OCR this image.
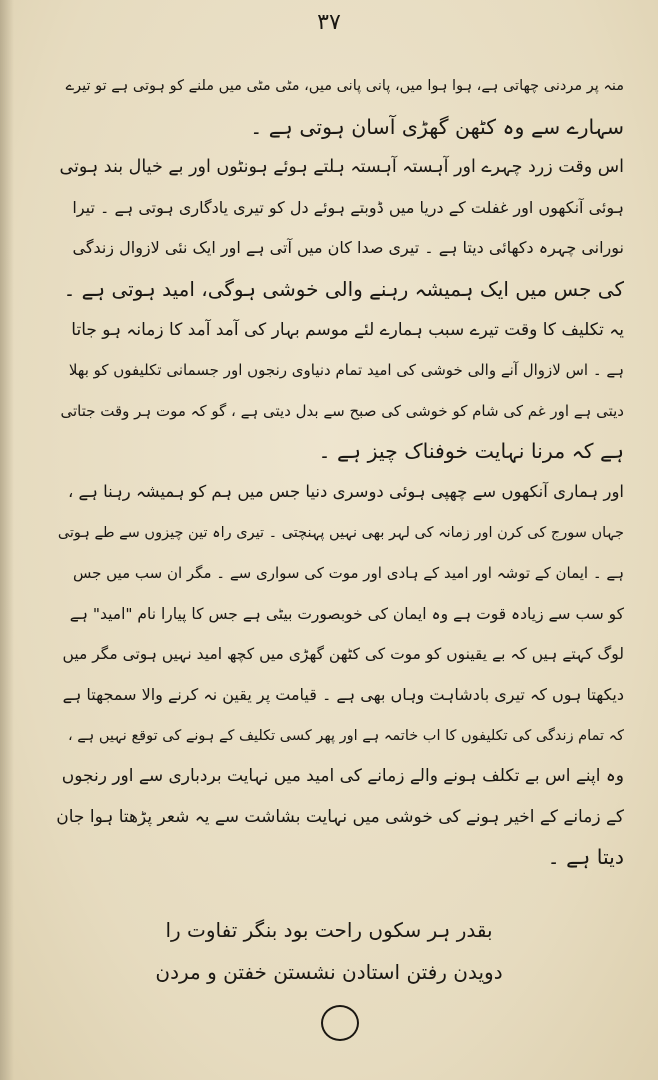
٣٧
منہ پر مردنی چھاتی ہے، ہوا ہوا میں، پانی پانی میں، مٹی مٹی میں ملنے کو ہوتی ہے تو تیرے
سہارے سے وہ کٹھن گھڑی آسان ہوتی ہے ۔
اس وقت زرد چہرے اور آہستہ آہستہ ہلتے ہوئے ہونٹوں اور بے خیال بند ہوتی
ہوئی آنکھوں اور غفلت کے دریا میں ڈوبتے ہوئے دل کو تیری یادگاری ہوتی ہے ۔ تیرا
نورانی چہرہ دکھائی دیتا ہے ۔ تیری صدا کان میں آتی ہے اور ایک نئی لازوال زندگی
کی جس میں ایک ہمیشہ رہنے والی خوشی ہوگی، امید ہوتی ہے ۔
یہ تکلیف کا وقت تیرے سبب ہمارے لئے موسم بہار کی آمد آمد کا زمانہ ہو جاتا
ہے ۔ اس لازوال آنے والی خوشی کی امید تمام دنیاوی رنجوں اور جسمانی تکلیفوں کو بھلا
دیتی ہے اور غم کی شام کو خوشی کی صبح سے بدل دیتی ہے ، گو کہ موت ہر وقت جتاتی
ہے کہ مرنا نہایت خوفناک چیز ہے ۔
اور ہماری آنکھوں سے چھپی ہوئی دوسری دنیا جس میں ہم کو ہمیشہ رہنا ہے ،
جہاں سورج کی کرن اور زمانہ کی لہر بھی نہیں پہنچتی ۔ تیری راہ تین چیزوں سے طے ہوتی
ہے ۔ ایمان کے توشہ اور امید کے ہادی اور موت کی سواری سے ۔ مگر ان سب میں جس
کو سب سے زیادہ قوت ہے وہ ایمان کی خوبصورت بیٹی ہے جس کا پیارا نام "امید" ہے
لوگ کہتے ہیں کہ بے یقینوں کو موت کی کٹھن گھڑی میں کچھ امید نہیں ہوتی مگر میں
دیکھتا ہوں کہ تیری بادشاہت وہاں بھی ہے ۔ قیامت پر یقین نہ کرنے والا سمجھتا ہے
کہ تمام زندگی کی تکلیفوں کا اب خاتمہ ہے اور پھر کسی تکلیف کے ہونے کی توقع نہیں ہے ،
وہ اپنے اس بے تکلف ہونے والے زمانے کی امید میں نہایت بردباری سے اور رنجوں
کے زمانے کے اخیر ہونے کی خوشی میں نہایت بشاشت سے یہ شعر پڑھتا ہوا جان
دیتا ہے ۔
بقدر ہر سکوں راحت بود بنگر تفاوت را
دویدن رفتن استادن نشستن خفتن و مردن
